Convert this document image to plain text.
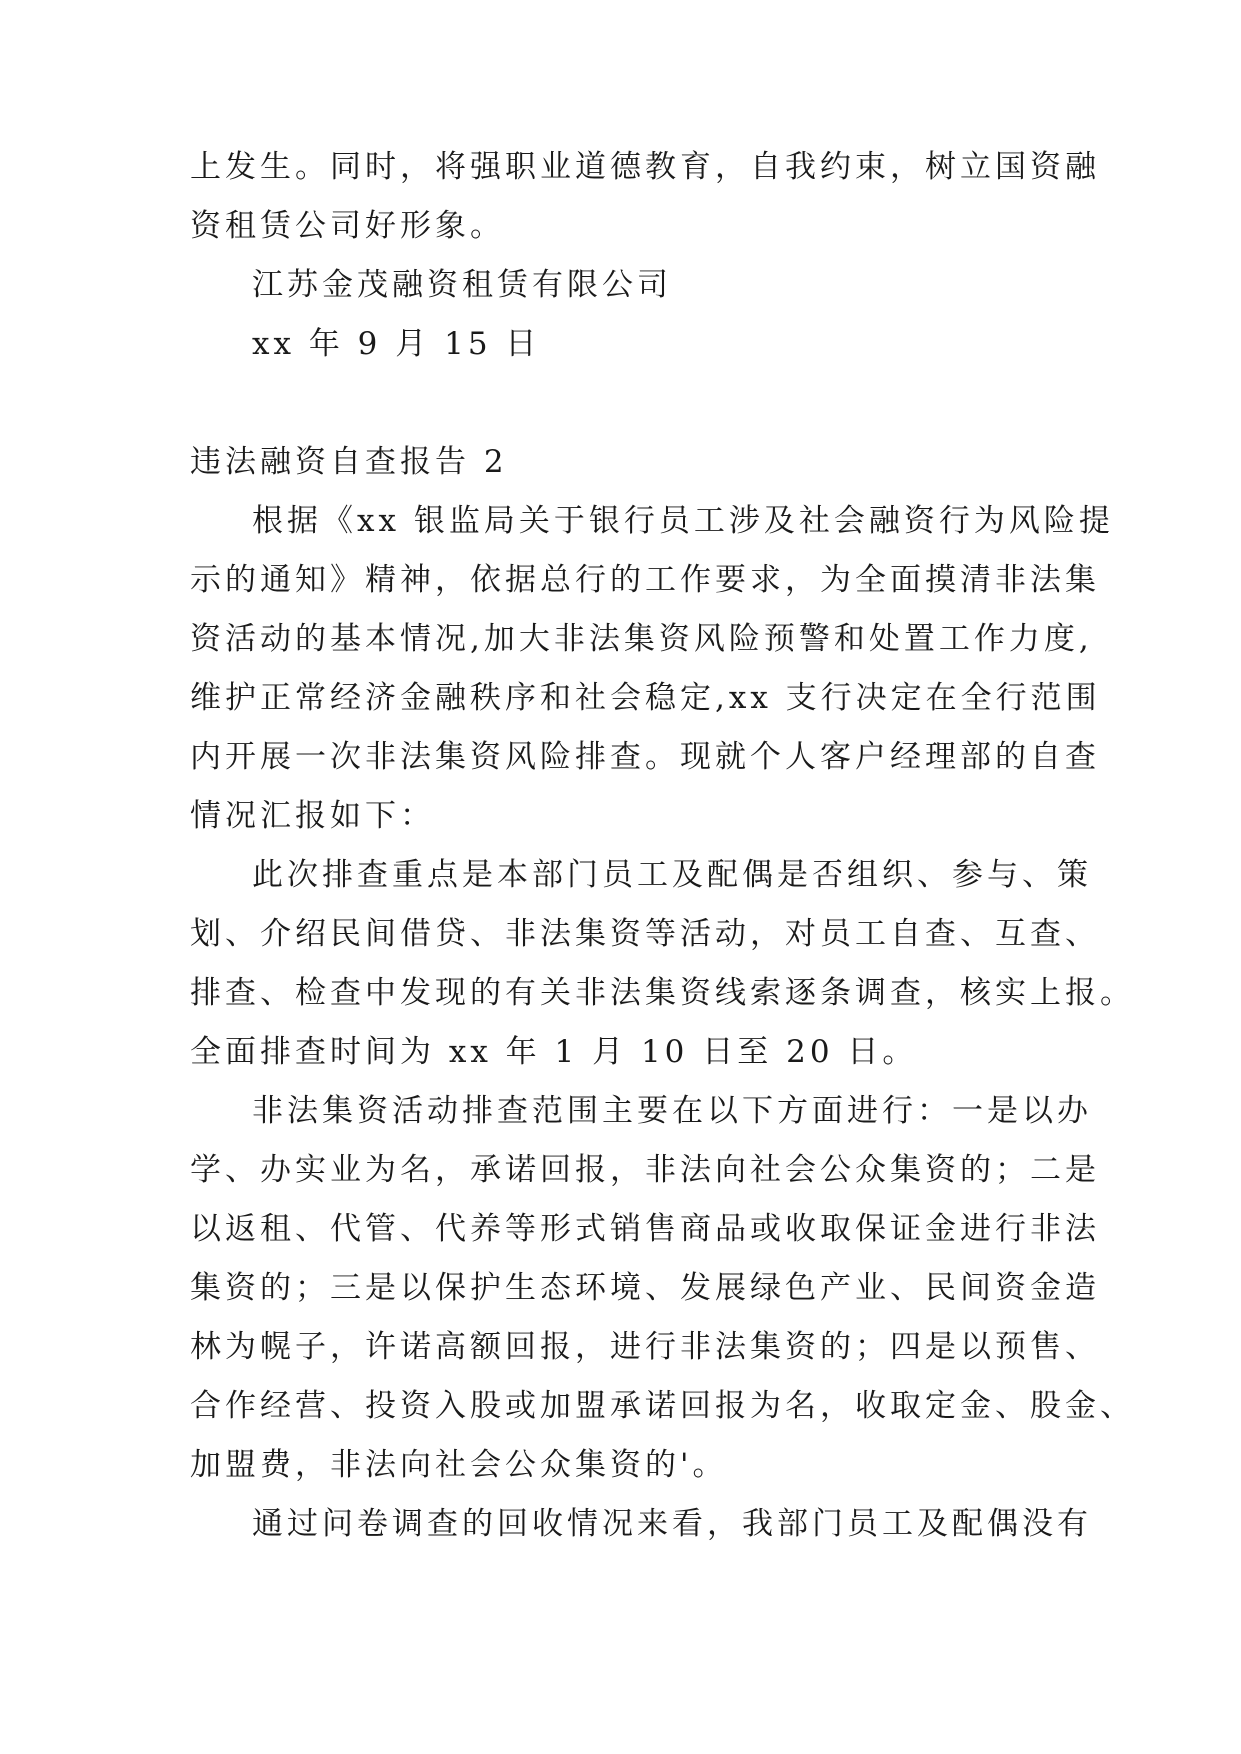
上发生。同时，将强职业道德教育，自我约束，树立国资融
资租赁公司好形象。
江苏金茂融资租赁有限公司
xx 年 9 月 15 日
违法融资自查报告 2
根据《xx 银监局关于银行员工涉及社会融资行为风险提
示的通知》精神，依据总行的工作要求，为全面摸清非法集
资活动的基本情况,加大非法集资风险预警和处置工作力度,
维护正常经济金融秩序和社会稳定,xx 支行决定在全行范围
内开展一次非法集资风险排查。现就个人客户经理部的自查
情况汇报如下：
此次排查重点是本部门员工及配偶是否组织、参与、策
划、介绍民间借贷、非法集资等活动，对员工自查、互查、
排查、检查中发现的有关非法集资线索逐条调查，核实上报。
全面排查时间为 xx 年 1 月 10 日至 20 日。
非法集资活动排查范围主要在以下方面进行：一是以办
学、办实业为名，承诺回报，非法向社会公众集资的；二是
以返租、代管、代养等形式销售商品或收取保证金进行非法
集资的；三是以保护生态环境、发展绿色产业、民间资金造
林为幌子，许诺高额回报，进行非法集资的；四是以预售、
合作经营、投资入股或加盟承诺回报为名，收取定金、股金、
加盟费，非法向社会公众集资的'。
通过问卷调查的回收情况来看，我部门员工及配偶没有
